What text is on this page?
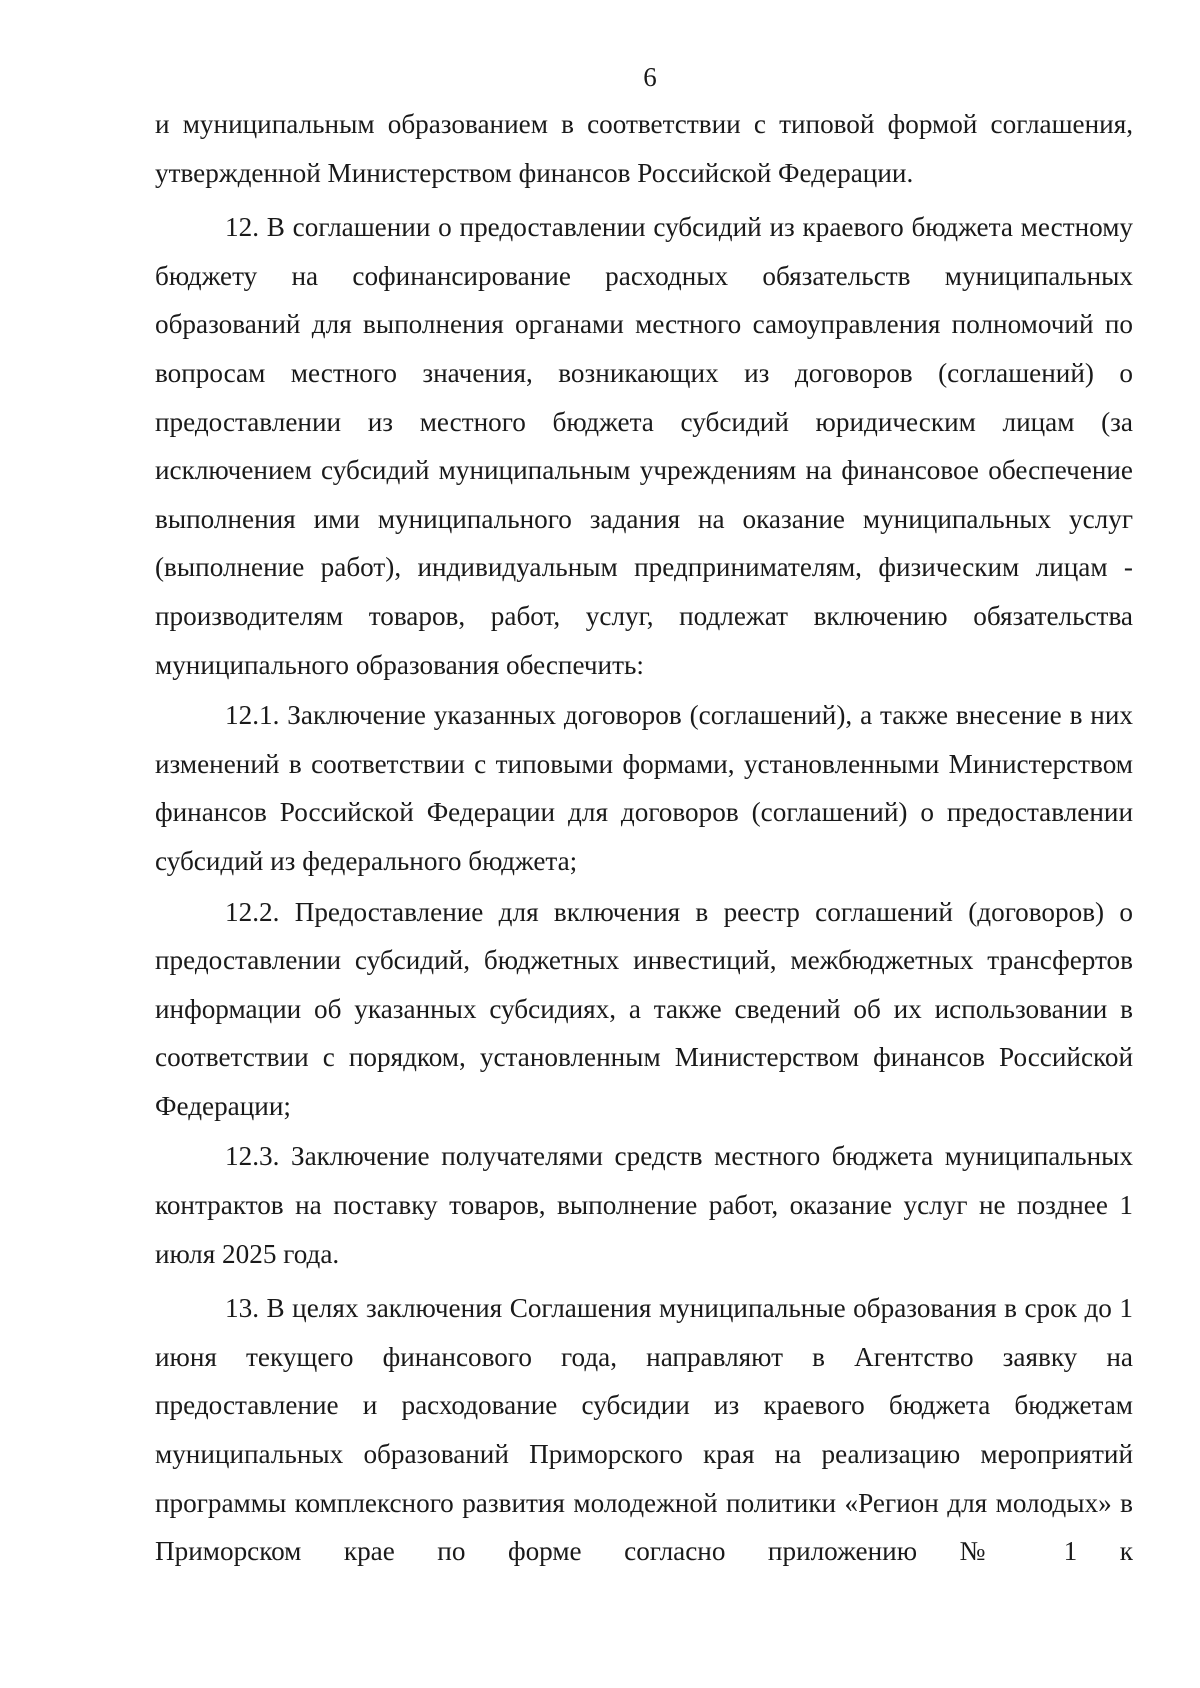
6

и муниципальным образованием в соответствии с типовой формой соглашения, утвержденной Министерством финансов Российской Федерации.

12. В соглашении о предоставлении субсидий из краевого бюджета местному бюджету на софинансирование расходных обязательств муниципальных образований для выполнения органами местного самоуправления полномочий по вопросам местного значения, возникающих из договоров (соглашений) о предоставлении из местного бюджета субсидий юридическим лицам (за исключением субсидий муниципальным учреждениям на финансовое обеспечение выполнения ими муниципального задания на оказание муниципальных услуг (выполнение работ), индивидуальным предпринимателям, физическим лицам - производителям товаров, работ, услуг, подлежат включению обязательства муниципального образования обеспечить:

12.1. Заключение указанных договоров (соглашений), а также внесение в них изменений в соответствии с типовыми формами, установленными Министерством финансов Российской Федерации для договоров (соглашений) о предоставлении субсидий из федерального бюджета;

12.2. Предоставление для включения в реестр соглашений (договоров) о предоставлении субсидий, бюджетных инвестиций, межбюджетных трансфертов информации об указанных субсидиях, а также сведений об их использовании в соответствии с порядком, установленным Министерством финансов Российской Федерации;

12.3. Заключение получателями средств местного бюджета муниципальных контрактов на поставку товаров, выполнение работ, оказание услуг не позднее 1 июля 2025 года.

13. В целях заключения Соглашения муниципальные образования в срок до 1 июня текущего финансового года, направляют в Агентство заявку на предоставление и расходование субсидии из краевого бюджета бюджетам муниципальных образований Приморского края на реализацию мероприятий программы комплексного развития молодежной политики «Регион для молодых» в Приморском крае по форме согласно приложению № 1 к
